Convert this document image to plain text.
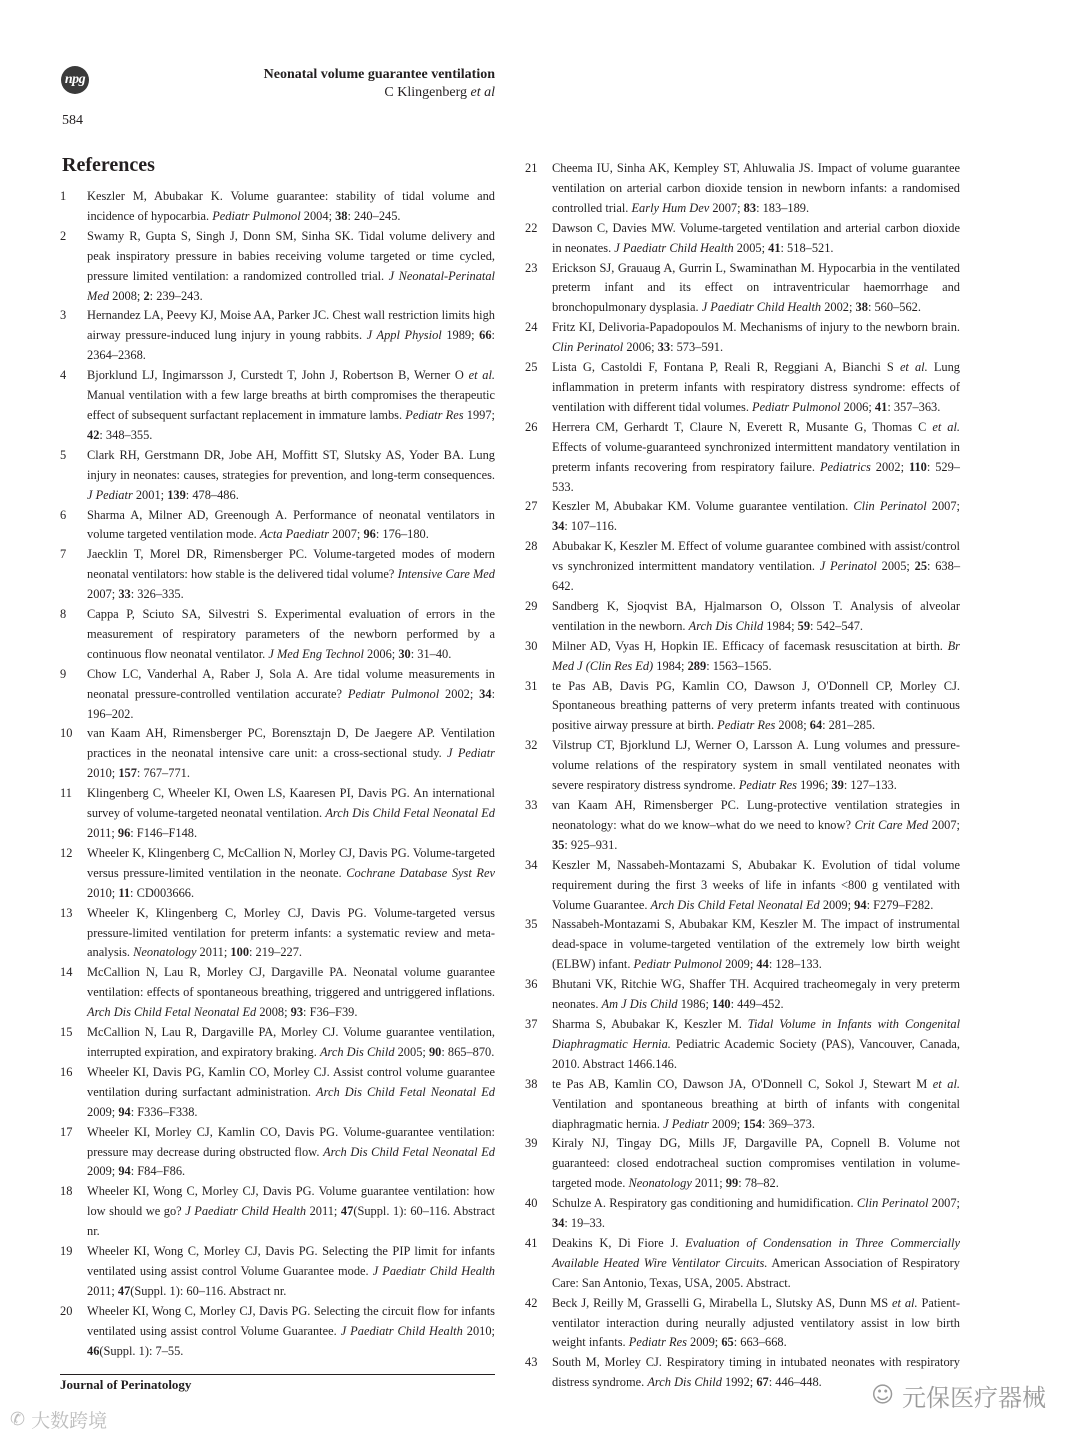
npg	Neonatal volume guarantee ventilation
C Klingenberg et al
584
References
1	Keszler M, Abubakar K. Volume guarantee: stability of tidal volume and incidence of hypocarbia. Pediatr Pulmonol 2004; 38: 240–245.
2	Swamy R, Gupta S, Singh J, Donn SM, Sinha SK. Tidal volume delivery and peak inspiratory pressure in babies receiving volume targeted or time cycled, pressure limited ventilation: a randomized controlled trial. J Neonatal-Perinatal Med 2008; 2: 239–243.
3	Hernandez LA, Peevy KJ, Moise AA, Parker JC. Chest wall restriction limits high airway pressure-induced lung injury in young rabbits. J Appl Physiol 1989; 66: 2364–2368.
4	Bjorklund LJ, Ingimarsson J, Curstedt T, John J, Robertson B, Werner O et al. Manual ventilation with a few large breaths at birth compromises the therapeutic effect of subsequent surfactant replacement in immature lambs. Pediatr Res 1997; 42: 348–355.
5	Clark RH, Gerstmann DR, Jobe AH, Moffitt ST, Slutsky AS, Yoder BA. Lung injury in neonates: causes, strategies for prevention, and long-term consequences. J Pediatr 2001; 139: 478–486.
6	Sharma A, Milner AD, Greenough A. Performance of neonatal ventilators in volume targeted ventilation mode. Acta Paediatr 2007; 96: 176–180.
7	Jaecklin T, Morel DR, Rimensberger PC. Volume-targeted modes of modern neonatal ventilators: how stable is the delivered tidal volume? Intensive Care Med 2007; 33: 326–335.
8	Cappa P, Sciuto SA, Silvestri S. Experimental evaluation of errors in the measurement of respiratory parameters of the newborn performed by a continuous flow neonatal ventilator. J Med Eng Technol 2006; 30: 31–40.
9	Chow LC, Vanderhal A, Raber J, Sola A. Are tidal volume measurements in neonatal pressure-controlled ventilation accurate? Pediatr Pulmonol 2002; 34: 196–202.
10	van Kaam AH, Rimensberger PC, Borensztajn D, De Jaegere AP. Ventilation practices in the neonatal intensive care unit: a cross-sectional study. J Pediatr 2010; 157: 767–771.
11	Klingenberg C, Wheeler KI, Owen LS, Kaaresen PI, Davis PG. An international survey of volume-targeted neonatal ventilation. Arch Dis Child Fetal Neonatal Ed 2011; 96: F146–F148.
12	Wheeler K, Klingenberg C, McCallion N, Morley CJ, Davis PG. Volume-targeted versus pressure-limited ventilation in the neonate. Cochrane Database Syst Rev 2010; 11: CD003666.
13	Wheeler K, Klingenberg C, Morley CJ, Davis PG. Volume-targeted versus pressure-limited ventilation for preterm infants: a systematic review and meta-analysis. Neonatology 2011; 100: 219–227.
14	McCallion N, Lau R, Morley CJ, Dargaville PA. Neonatal volume guarantee ventilation: effects of spontaneous breathing, triggered and untriggered inflations. Arch Dis Child Fetal Neonatal Ed 2008; 93: F36–F39.
15	McCallion N, Lau R, Dargaville PA, Morley CJ. Volume guarantee ventilation, interrupted expiration, and expiratory braking. Arch Dis Child 2005; 90: 865–870.
16	Wheeler KI, Davis PG, Kamlin CO, Morley CJ. Assist control volume guarantee ventilation during surfactant administration. Arch Dis Child Fetal Neonatal Ed 2009; 94: F336–F338.
17	Wheeler KI, Morley CJ, Kamlin CO, Davis PG. Volume-guarantee ventilation: pressure may decrease during obstructed flow. Arch Dis Child Fetal Neonatal Ed 2009; 94: F84–F86.
18	Wheeler KI, Wong C, Morley CJ, Davis PG. Volume guarantee ventilation: how low should we go? J Paediatr Child Health 2011; 47(Suppl. 1): 60–116. Abstract nr.
19	Wheeler KI, Wong C, Morley CJ, Davis PG. Selecting the PIP limit for infants ventilated using assist control Volume Guarantee mode. J Paediatr Child Health 2011; 47(Suppl. 1): 60–116. Abstract nr.
20	Wheeler KI, Wong C, Morley CJ, Davis PG. Selecting the circuit flow for infants ventilated using assist control Volume Guarantee. J Paediatr Child Health 2010; 46(Suppl. 1): 7–55.
21	Cheema IU, Sinha AK, Kempley ST, Ahluwalia JS. Impact of volume guarantee ventilation on arterial carbon dioxide tension in newborn infants: a randomised controlled trial. Early Hum Dev 2007; 83: 183–189.
22	Dawson C, Davies MW. Volume-targeted ventilation and arterial carbon dioxide in neonates. J Paediatr Child Health 2005; 41: 518–521.
23	Erickson SJ, Grauaug A, Gurrin L, Swaminathan M. Hypocarbia in the ventilated preterm infant and its effect on intraventricular haemorrhage and bronchopulmonary dysplasia. J Paediatr Child Health 2002; 38: 560–562.
24	Fritz KI, Delivoria-Papadopoulos M. Mechanisms of injury to the newborn brain. Clin Perinatol 2006; 33: 573–591.
25	Lista G, Castoldi F, Fontana P, Reali R, Reggiani A, Bianchi S et al. Lung inflammation in preterm infants with respiratory distress syndrome: effects of ventilation with different tidal volumes. Pediatr Pulmonol 2006; 41: 357–363.
26	Herrera CM, Gerhardt T, Claure N, Everett R, Musante G, Thomas C et al. Effects of volume-guaranteed synchronized intermittent mandatory ventilation in preterm infants recovering from respiratory failure. Pediatrics 2002; 110: 529–533.
27	Keszler M, Abubakar KM. Volume guarantee ventilation. Clin Perinatol 2007; 34: 107–116.
28	Abubakar K, Keszler M. Effect of volume guarantee combined with assist/control vs synchronized intermittent mandatory ventilation. J Perinatol 2005; 25: 638–642.
29	Sandberg K, Sjoqvist BA, Hjalmarson O, Olsson T. Analysis of alveolar ventilation in the newborn. Arch Dis Child 1984; 59: 542–547.
30	Milner AD, Vyas H, Hopkin IE. Efficacy of facemask resuscitation at birth. Br Med J (Clin Res Ed) 1984; 289: 1563–1565.
31	te Pas AB, Davis PG, Kamlin CO, Dawson J, O'Donnell CP, Morley CJ. Spontaneous breathing patterns of very preterm infants treated with continuous positive airway pressure at birth. Pediatr Res 2008; 64: 281–285.
32	Vilstrup CT, Bjorklund LJ, Werner O, Larsson A. Lung volumes and pressure-volume relations of the respiratory system in small ventilated neonates with severe respiratory distress syndrome. Pediatr Res 1996; 39: 127–133.
33	van Kaam AH, Rimensberger PC. Lung-protective ventilation strategies in neonatology: what do we know–what do we need to know? Crit Care Med 2007; 35: 925–931.
34	Keszler M, Nassabeh-Montazami S, Abubakar K. Evolution of tidal volume requirement during the first 3 weeks of life in infants <800 g ventilated with Volume Guarantee. Arch Dis Child Fetal Neonatal Ed 2009; 94: F279–F282.
35	Nassabeh-Montazami S, Abubakar KM, Keszler M. The impact of instrumental dead-space in volume-targeted ventilation of the extremely low birth weight (ELBW) infant. Pediatr Pulmonol 2009; 44: 128–133.
36	Bhutani VK, Ritchie WG, Shaffer TH. Acquired tracheomegaly in very preterm neonates. Am J Dis Child 1986; 140: 449–452.
37	Sharma S, Abubakar K, Keszler M. Tidal Volume in Infants with Congenital Diaphragmatic Hernia. Pediatric Academic Society (PAS), Vancouver, Canada, 2010. Abstract 1466.146.
38	te Pas AB, Kamlin CO, Dawson JA, O'Donnell C, Sokol J, Stewart M et al. Ventilation and spontaneous breathing at birth of infants with congenital diaphragmatic hernia. J Pediatr 2009; 154: 369–373.
39	Kiraly NJ, Tingay DG, Mills JF, Dargaville PA, Copnell B. Volume not guaranteed: closed endotracheal suction compromises ventilation in volume-targeted mode. Neonatology 2011; 99: 78–82.
40	Schulze A. Respiratory gas conditioning and humidification. Clin Perinatol 2007; 34: 19–33.
41	Deakins K, Di Fiore J. Evaluation of Condensation in Three Commercially Available Heated Wire Ventilator Circuits. American Association of Respiratory Care: San Antonio, Texas, USA, 2005. Abstract.
42	Beck J, Reilly M, Grasselli G, Mirabella L, Slutsky AS, Dunn MS et al. Patient-ventilator interaction during neurally adjusted ventilatory assist in low birth weight infants. Pediatr Res 2009; 65: 663–668.
43	South M, Morley CJ. Respiratory timing in intubated neonates with respiratory distress syndrome. Arch Dis Child 1992; 67: 446–448.
Journal of Perinatology
✆ 大数跨境
☺ 元保医疗器械
